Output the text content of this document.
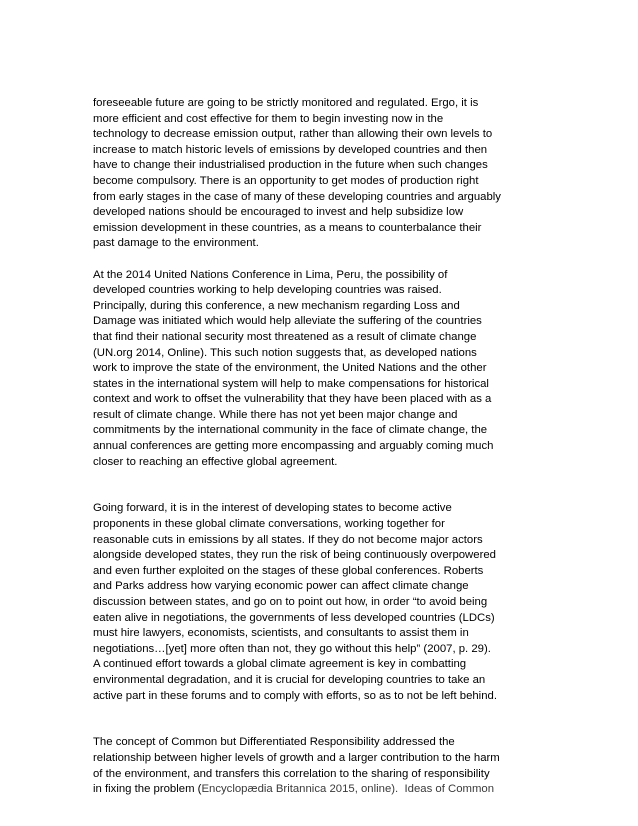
foreseeable future are going to be strictly monitored and regulated. Ergo, it is
more efficient and cost effective for them to begin investing now in the
technology to decrease emission output, rather than allowing their own levels to
increase to match historic levels of emissions by developed countries and then
have to change their industrialised production in the future when such changes
become compulsory. There is an opportunity to get modes of production right
from early stages in the case of many of these developing countries and arguably
developed nations should be encouraged to invest and help subsidize low
emission development in these countries, as a means to counterbalance their
past damage to the environment.

At the 2014 United Nations Conference in Lima, Peru, the possibility of
developed countries working to help developing countries was raised.
Principally, during this conference, a new mechanism regarding Loss and
Damage was initiated which would help alleviate the suffering of the countries
that find their national security most threatened as a result of climate change
(UN.org 2014, Online). This such notion suggests that, as developed nations
work to improve the state of the environment, the United Nations and the other
states in the international system will help to make compensations for historical
context and work to offset the vulnerability that they have been placed with as a
result of climate change. While there has not yet been major change and
commitments by the international community in the face of climate change, the
annual conferences are getting more encompassing and arguably coming much
closer to reaching an effective global agreement.

Going forward, it is in the interest of developing states to become active
proponents in these global climate conversations, working together for
reasonable cuts in emissions by all states. If they do not become major actors
alongside developed states, they run the risk of being continuously overpowered
and even further exploited on the stages of these global conferences. Roberts
and Parks address how varying economic power can affect climate change
discussion between states, and go on to point out how, in order “to avoid being
eaten alive in negotiations, the governments of less developed countries (LDCs)
must hire lawyers, economists, scientists, and consultants to assist them in
negotiations…[yet] more often than not, they go without this help” (2007, p. 29).
A continued effort towards a global climate agreement is key in combatting
environmental degradation, and it is crucial for developing countries to take an
active part in these forums and to comply with efforts, so as to not be left behind.

The concept of Common but Differentiated Responsibility addressed the
relationship between higher levels of growth and a larger contribution to the harm
of the environment, and transfers this correlation to the sharing of responsibility
in fixing the problem (Encyclopædia Britannica 2015, online).  Ideas of Common
